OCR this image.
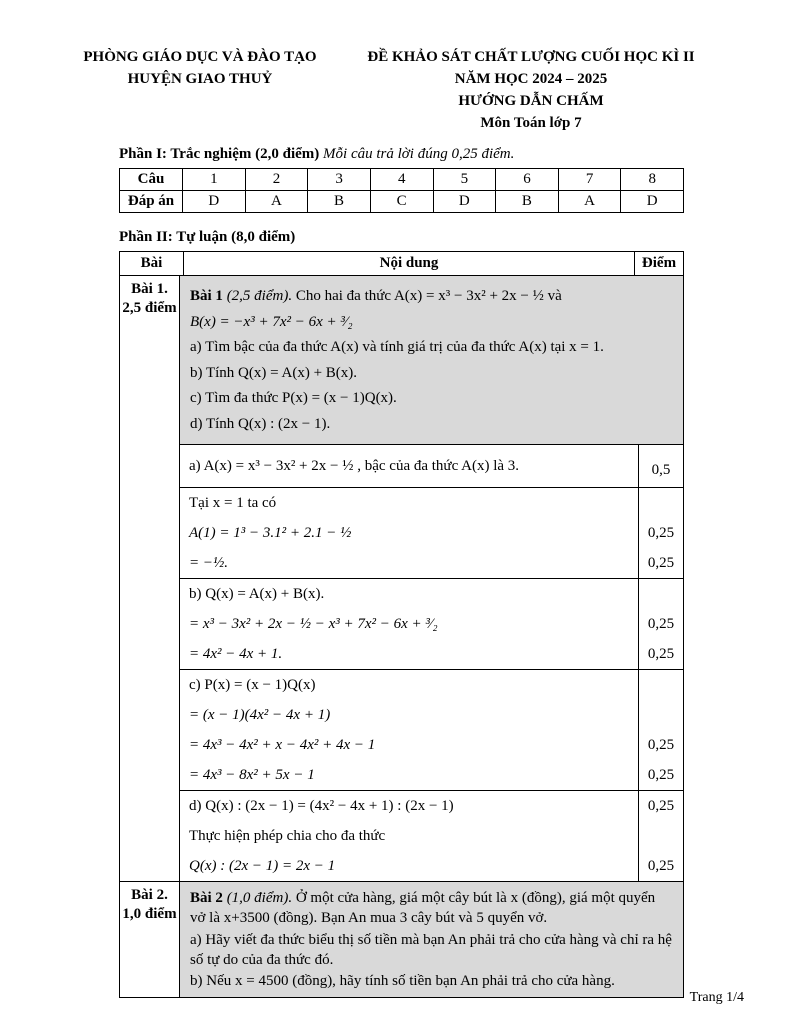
PHÒNG GIÁO DỤC VÀ ĐÀO TẠO
HUYỆN GIAO THUỶ
ĐỀ KHẢO SÁT CHẤT LƯỢNG CUỐI HỌC KÌ II
NĂM HỌC 2024 – 2025
HƯỚNG DẪN CHẤM
Môn Toán lớp 7
Phần I: Trắc nghiệm (2,0 điểm) Mỗi câu trả lời đúng 0,25 điểm.
Câu	1	2	3	4	5	6	7	8
Đáp án	D	A	B	C	D	B	A	D
Phần II: Tự luận (8,0 điểm)
Bài	Nội dung	Điểm
Bài 1.
2,5 điểm

Bài 1 (2,5 điểm). Cho hai đa thức A(x) = x³ − 3x² + 2x − ½ và

B(x) = −x³ + 7x² − 6x + ³⁄₂

a) Tìm bậc của đa thức A(x) và tính giá trị của đa thức A(x) tại x = 1.

b) Tính Q(x) = A(x) + B(x).

c) Tìm đa thức P(x) = (x − 1)Q(x).

d) Tính Q(x) : (2x − 1).

a) A(x) = x³ − 3x² + 2x − ½ , bậc của đa thức A(x) là 3.	0,5
Tại x = 1 ta có
A(1) = 1³ − 3.1² + 2.1 − ½	0,25
= −½.	0,25
b) Q(x) = A(x) + B(x).
= x³ − 3x² + 2x − ½ − x³ + 7x² − 6x + ³⁄₂	0,25
= 4x² − 4x + 1.	0,25
c) P(x) = (x − 1)Q(x)
= (x − 1)(4x² − 4x + 1)
= 4x³ − 4x² + x − 4x² + 4x − 1	0,25
= 4x³ − 8x² + 5x − 1	0,25
d) Q(x) : (2x − 1) = (4x² − 4x + 1) : (2x − 1)	0,25
Thực hiện phép chia cho đa thức
Q(x) : (2x − 1) = 2x − 1	0,25
Bài 2.
1,0 điểm

Bài 2 (1,0 điểm). Ở một cửa hàng, giá một cây bút là x (đồng), giá một quyển vở là x+3500 (đồng). Bạn An mua 3 cây bút và 5 quyển vở.

a) Hãy viết đa thức biểu thị số tiền mà bạn An phải trả cho cửa hàng và chỉ ra hệ số tự do của đa thức đó.

b) Nếu x = 4500 (đồng), hãy tính số tiền bạn An phải trả cho cửa hàng.

Trang 1/4
